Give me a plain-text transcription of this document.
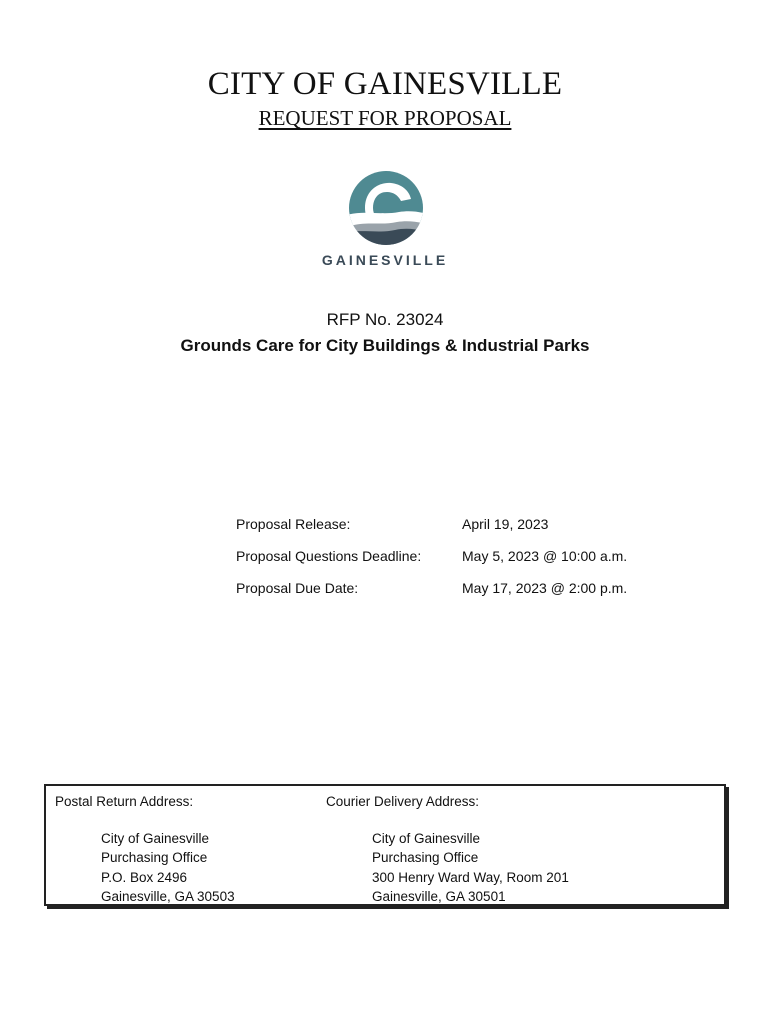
CITY OF GAINESVILLE
REQUEST FOR PROPOSAL
GAINESVILLE
RFP No. 23024
Grounds Care for City Buildings & Industrial Parks
Proposal Release:	April 19, 2023
Proposal Questions Deadline:	May 5, 2023 @ 10:00 a.m.
Proposal Due Date:	May 17, 2023 @ 2:00 p.m.
Postal Return Address:
City of Gainesville
Purchasing Office
P.O. Box 2496
Gainesville, GA 30503
Courier Delivery Address:
City of Gainesville
Purchasing Office
300 Henry Ward Way, Room 201
Gainesville, GA 30501
